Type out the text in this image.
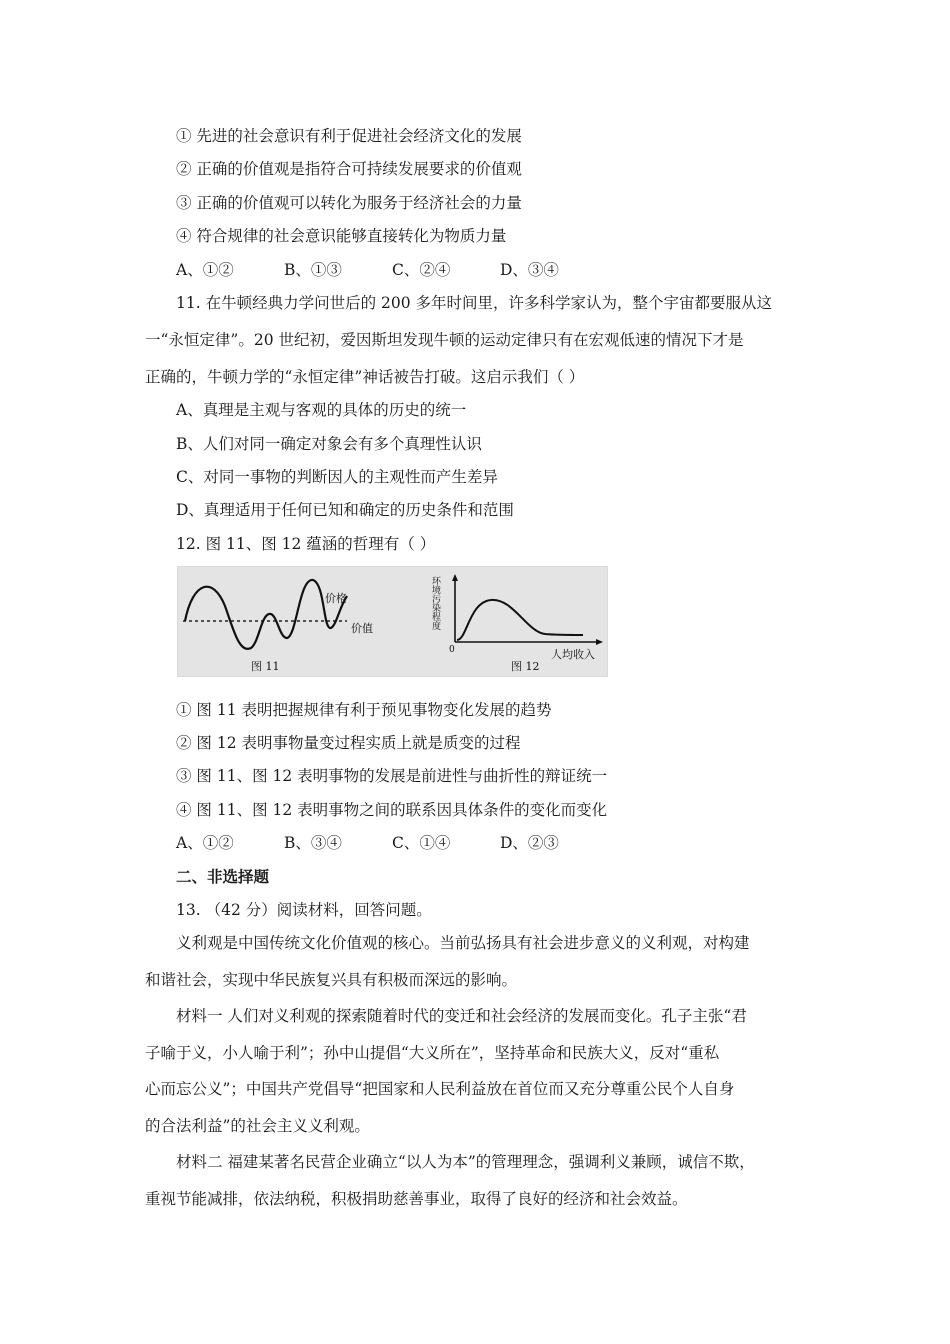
① 先进的社会意识有利于促进社会经济文化的发展
② 正确的价值观是指符合可持续发展要求的价值观
③ 正确的价值观可以转化为服务于经济社会的力量
④ 符合规律的社会意识能够直接转化为物质力量
A、①②	B、①③	C、②④	D、③④
11. 在牛顿经典力学问世后的 200 多年时间里，许多科学家认为，整个宇宙都要服从这
一“永恒定律”。20 世纪初，爱因斯坦发现牛顿的运动定律只有在宏观低速的情况下才是
正确的，牛顿力学的“永恒定律”神话被告打破。这启示我们（ ）
A、真理是主观与客观的具体的历史的统一
B、人们对同一确定对象会有多个真理性认识
C、对同一事物的判断因人的主观性而产生差异
D、真理适用于任何已知和确定的历史条件和范围
12. 图 11、图 12 蕴涵的哲理有（ ）
价格
价值
图 11
环境污染程度
0	人均收入
图 12
① 图 11 表明把握规律有利于预见事物变化发展的趋势
② 图 12 表明事物量变过程实质上就是质变的过程
③ 图 11、图 12 表明事物的发展是前进性与曲折性的辩证统一
④ 图 11、图 12 表明事物之间的联系因具体条件的变化而变化
A、①②	B、③④	C、①④	D、②③
二、非选择题
13. （42 分）阅读材料，回答问题。
义利观是中国传统文化价值观的核心。当前弘扬具有社会进步意义的义利观，对构建
和谐社会，实现中华民族复兴具有积极而深远的影响。
材料一 人们对义利观的探索随着时代的变迁和社会经济的发展而变化。孔子主张“君
子喻于义，小人喻于利”；孙中山提倡“大义所在”，坚持革命和民族大义，反对“重私
心而忘公义”；中国共产党倡导“把国家和人民利益放在首位而又充分尊重公民个人自身
的合法利益”的社会主义义利观。
材料二 福建某著名民营企业确立“以人为本”的管理理念，强调利义兼顾，诚信不欺，
重视节能减排，依法纳税，积极捐助慈善事业，取得了良好的经济和社会效益。
